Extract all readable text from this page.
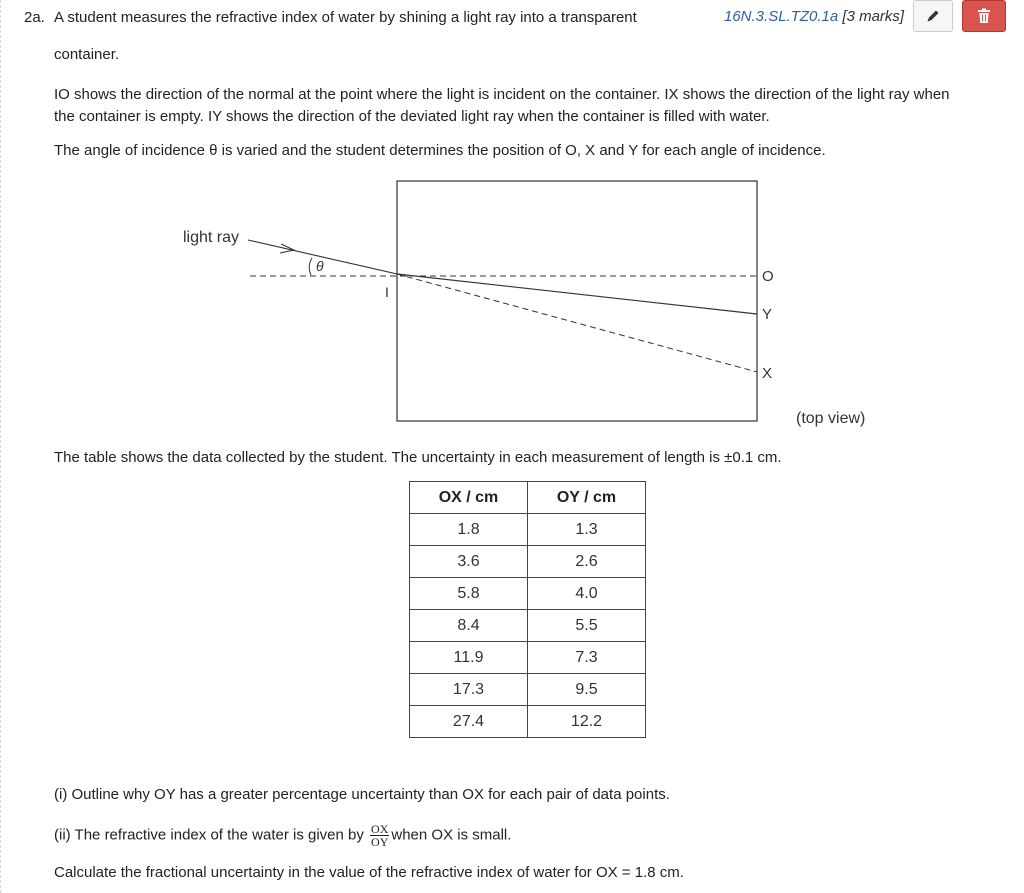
2a. A student measures the refractive index of water by shining a light ray into a transparent
container.
16N.3.SL.TZ0.1a [3 marks]
IO shows the direction of the normal at the point where the light is incident on the container. IX shows the direction of the light ray when
the container is empty. IY shows the direction of the deviated light ray when the container is filled with water.
The angle of incidence θ is varied and the student determines the position of O, X and Y for each angle of incidence.
light ray
θ
I
O
Y
X
(top view)
The table shows the data collected by the student. The uncertainty in each measurement of length is ±0.1 cm.
OX / cm	OY / cm
1.8	1.3
3.6	2.6
5.8	4.0
8.4	5.5
11.9	7.3
17.3	9.5
27.4	12.2
(i) Outline why OY has a greater percentage uncertainty than OX for each pair of data points.
(ii) The refractive index of the water is given by $\frac{OX}{OY}$ when OX is small.
Calculate the fractional uncertainty in the value of the refractive index of water for OX = 1.8 cm.
